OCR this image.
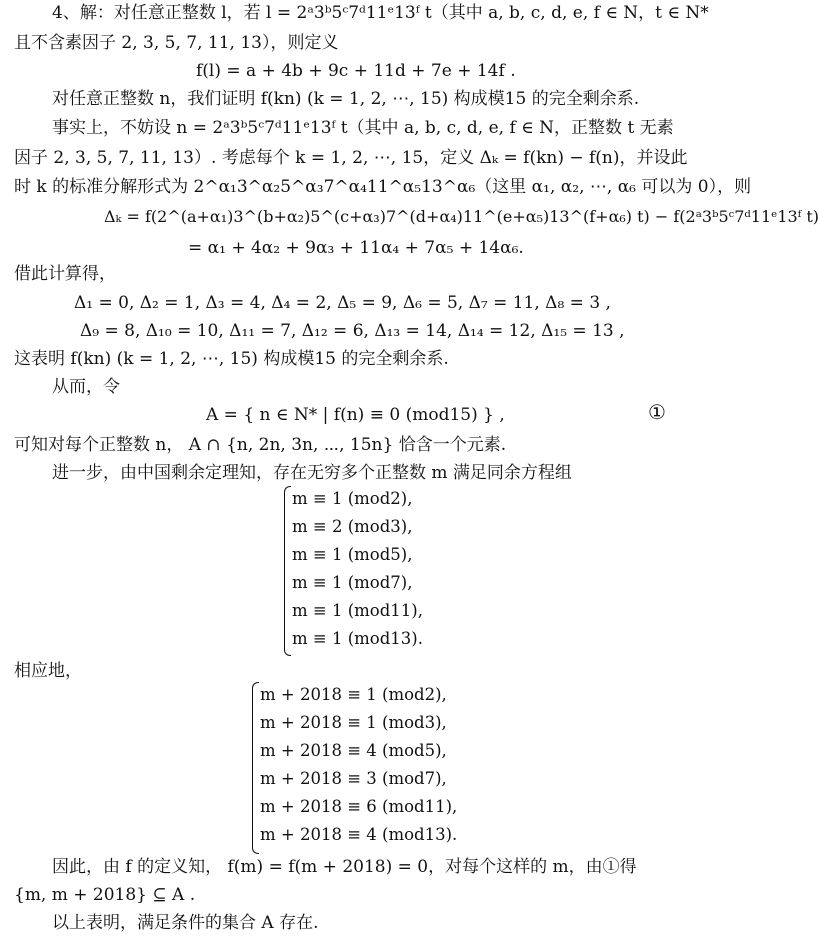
4、解：对任意正整数 l，若 l = 2ᵃ3ᵇ5ᶜ7ᵈ11ᵉ13ᶠ t（其中 a, b, c, d, e, f ∈ N，t ∈ N*
且不含素因子 2, 3, 5, 7, 11, 13），则定义
f(l) = a + 4b + 9c + 11d + 7e + 14f .
对任意正整数 n，我们证明 f(kn) (k = 1, 2, ⋯, 15) 构成模15 的完全剩余系.
事实上，不妨设 n = 2ᵃ3ᵇ5ᶜ7ᵈ11ᵉ13ᶠ t（其中 a, b, c, d, e, f ∈ N，正整数 t 无素
因子 2, 3, 5, 7, 11, 13）. 考虑每个 k = 1, 2, ⋯, 15，定义 Δₖ = f(kn) − f(n)，并设此
时 k 的标准分解形式为 2^α₁3^α₂5^α₃7^α₄11^α₅13^α₆（这里 α₁, α₂, ⋯, α₆ 可以为 0），则
Δₖ = f(2^(a+α₁)3^(b+α₂)5^(c+α₃)7^(d+α₄)11^(e+α₅)13^(f+α₆) t) − f(2ᵃ3ᵇ5ᶜ7ᵈ11ᵉ13ᶠ t)
= α₁ + 4α₂ + 9α₃ + 11α₄ + 7α₅ + 14α₆.
借此计算得，
Δ₁ = 0, Δ₂ = 1, Δ₃ = 4, Δ₄ = 2, Δ₅ = 9, Δ₆ = 5, Δ₇ = 11, Δ₈ = 3 ,
Δ₉ = 8, Δ₁₀ = 10, Δ₁₁ = 7, Δ₁₂ = 6, Δ₁₃ = 14, Δ₁₄ = 12, Δ₁₅ = 13 ,
这表明 f(kn) (k = 1, 2, ⋯, 15) 构成模15 的完全剩余系.
从而，令
A = { n ∈ N* | f(n) ≡ 0 (mod15) } ,	①
可知对每个正整数 n， A ∩ {n, 2n, 3n, ⋯, 15n} 恰含一个元素.
进一步，由中国剩余定理知，存在无穷多个正整数 m 满足同余方程组
m ≡ 1 (mod2),
m ≡ 2 (mod3),
m ≡ 1 (mod5),
m ≡ 1 (mod7),
m ≡ 1 (mod11),
m ≡ 1 (mod13).
相应地，
m + 2018 ≡ 1 (mod2),
m + 2018 ≡ 1 (mod3),
m + 2018 ≡ 4 (mod5),
m + 2018 ≡ 3 (mod7),
m + 2018 ≡ 6 (mod11),
m + 2018 ≡ 4 (mod13).
因此，由 f 的定义知， f(m) = f(m + 2018) = 0，对每个这样的 m，由①得
{m, m + 2018} ⊆ A .
以上表明，满足条件的集合 A 存在.
